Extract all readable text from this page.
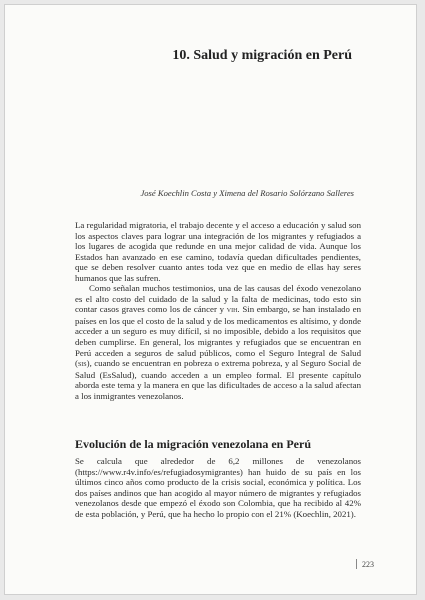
10. Salud y migración en Perú
José Koechlin Costa y Ximena del Rosario Solórzano Salleres

La regularidad migratoria, el trabajo decente y el acceso a educación y salud son los aspectos claves para lograr una integración de los migrantes y refugiados a los lugares de acogida que redunde en una mejor calidad de vida. Aunque los Estados han avanzado en ese camino, todavía quedan dificultades pendientes, que se deben resolver cuanto antes toda vez que en medio de ellas hay seres humanos que las sufren.

Como señalan muchos testimonios, una de las causas del éxodo venezolano es el alto costo del cuidado de la salud y la falta de medicinas, todo esto sin contar casos graves como los de cáncer y vih. Sin embargo, se han instalado en países en los que el costo de la salud y de los medicamentos es altísimo, y donde acceder a un seguro es muy difícil, si no imposible, debido a los requisitos que deben cumplirse. En general, los migrantes y refugiados que se encuentran en Perú acceden a seguros de salud públicos, como el Seguro Integral de Salud (sis), cuando se encuentran en pobreza o extrema pobreza, y al Seguro Social de Salud (EsSalud), cuando acceden a un empleo formal. El presente capítulo aborda este tema y la manera en que las dificultades de acceso a la salud afectan a los inmigrantes venezolanos.

Evolución de la migración venezolana en Perú

Se calcula que alrededor de 6,2 millones de venezolanos (https://www.r4v.info/es/refugiadosymigrantes) han huido de su país en los últimos cinco años como producto de la crisis social, económica y política. Los dos países andinos que han acogido al mayor número de migrantes y refugiados venezolanos desde que empezó el éxodo son Colombia, que ha recibido al 42% de esta población, y Perú, que ha hecho lo propio con el 21% (Koechlin, 2021).

223
